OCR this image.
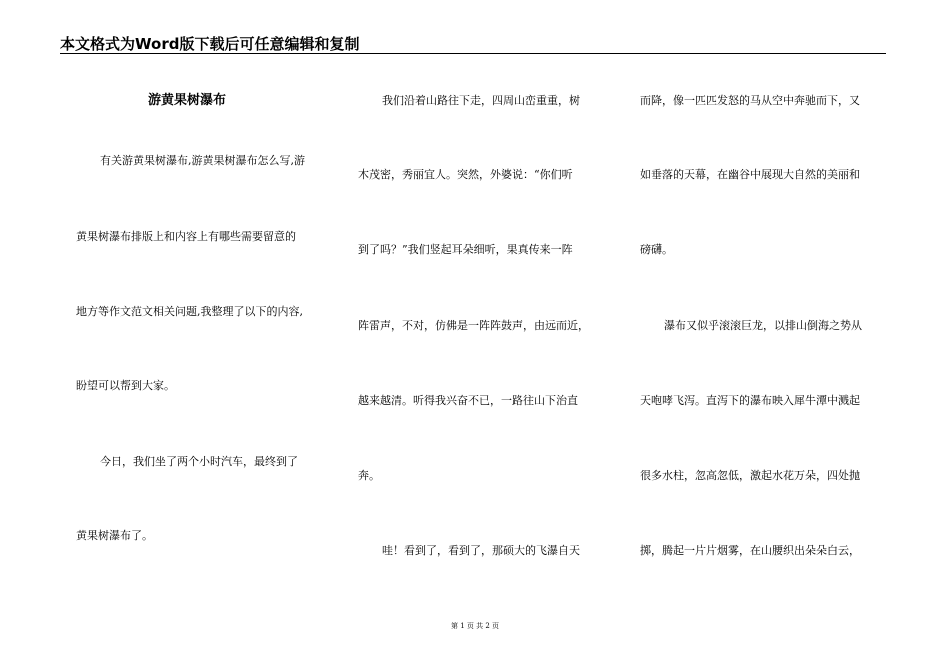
本文格式为Word版下载后可任意编辑和复制
游黄果树瀑布
有关游黄果树瀑布,游黄果树瀑布怎么写,游
黄果树瀑布排版上和内容上有哪些需要留意的
地方等作文范文相关问题,我整理了以下的内容,
盼望可以帮到大家。
今日，我们坐了两个小时汽车，最终到了
黄果树瀑布了。
我们沿着山路往下走，四周山峦重重，树
木茂密，秀丽宜人。突然，外婆说：“你们听
到了吗？”我们竖起耳朵细听，果真传来一阵
阵雷声，不对，仿佛是一阵阵鼓声，由远而近，
越来越清。听得我兴奋不已，一路往山下治直
奔。
哇！看到了，看到了，那硕大的飞瀑自天
而降，像一匹匹发怒的马从空中奔驰而下，又
如垂落的天幕，在幽谷中展现大自然的美丽和
磅礴。
瀑布又似乎滚滚巨龙，以排山倒海之势从
天咆哮飞泻。直泻下的瀑布映入犀牛潭中溅起
很多水柱，忽高忽低，激起水花万朵，四处抛
掷，腾起一片片烟雾，在山腰织出朵朵白云，
第 1 页 共 2 页
